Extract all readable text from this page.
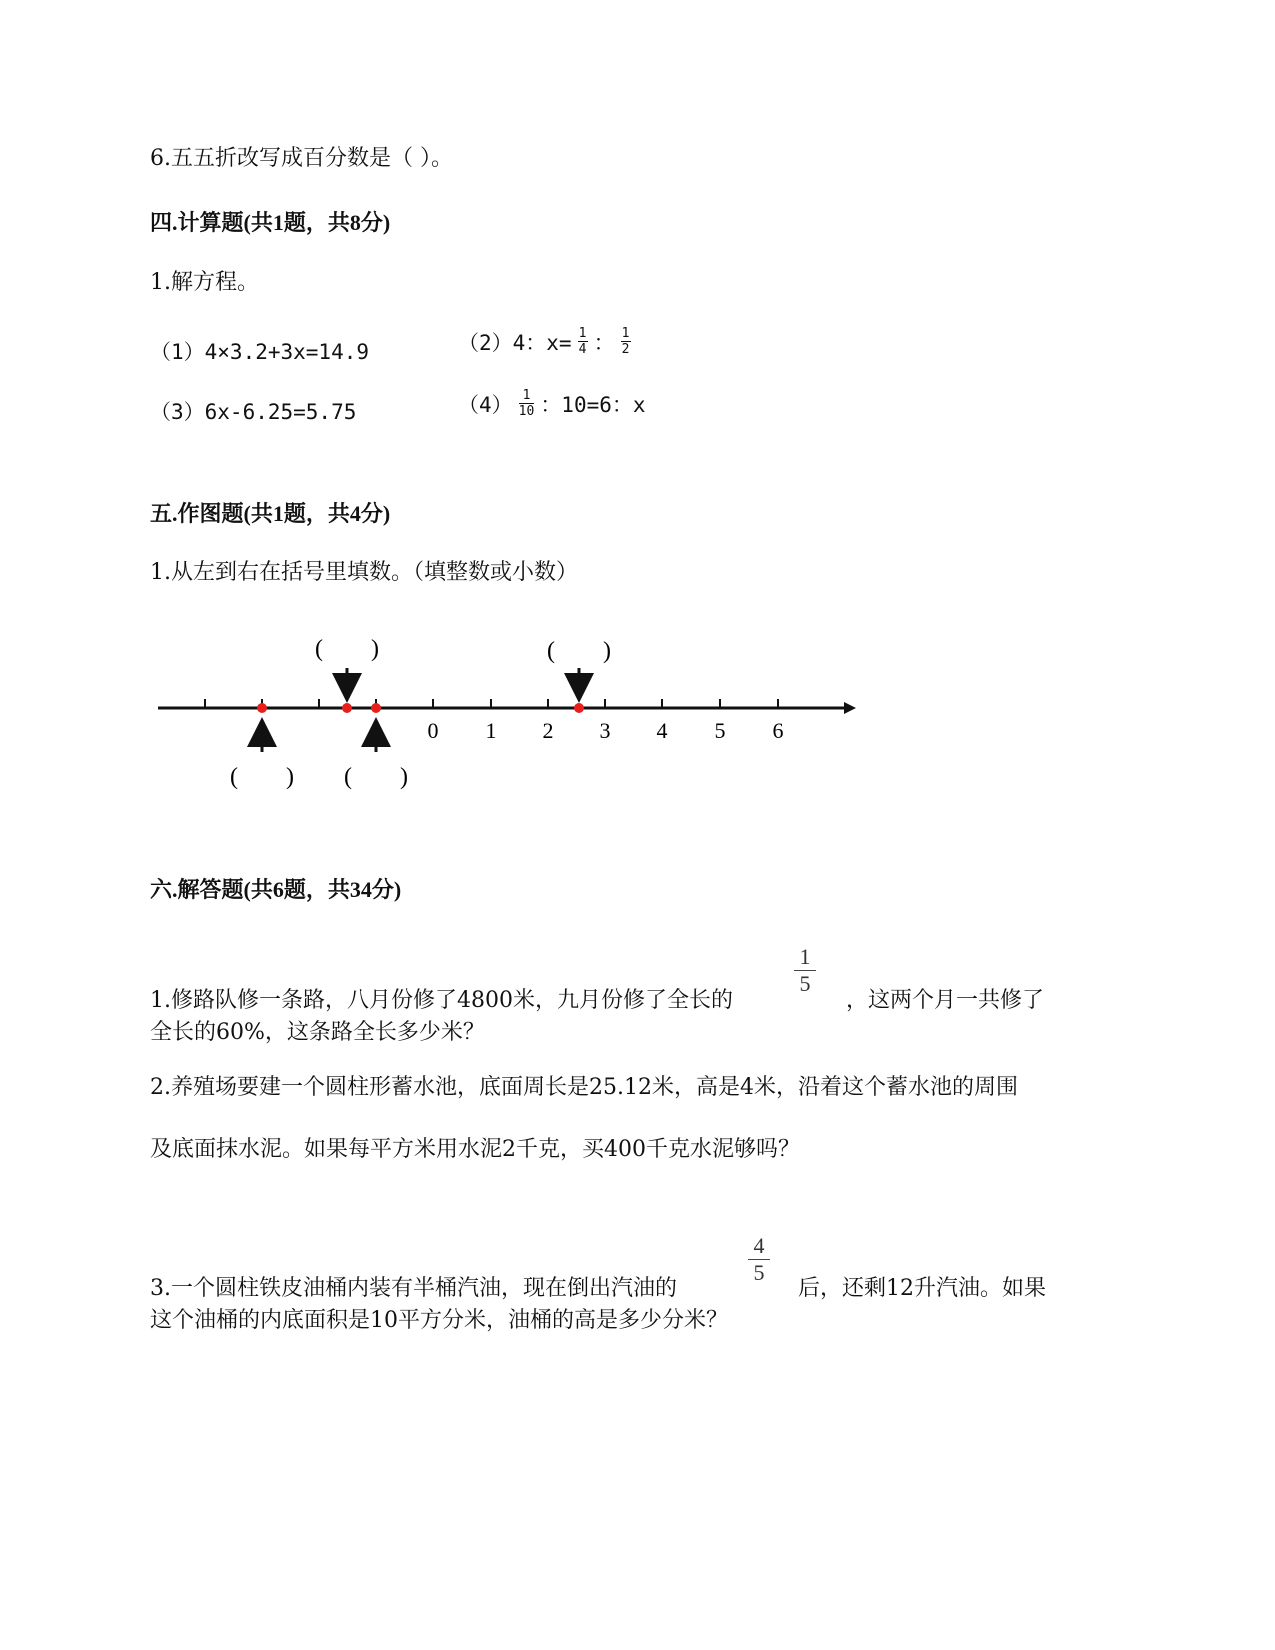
6.五五折改写成百分数是（ ）。
四.计算题(共1题，共8分)
1.解方程。
（1）4×3.2+3x=14.9	（2）4：$x= \frac{1}{4}$ ： $\frac{1}{2}$
（3）6x-6.25=5.75	$(4) \frac{1}{10}$ ：10=6：x
五.作图题(共1题，共4分)
1.从左到右在括号里填数。（填整数或小数）
0 1 2 3 4 5 6
(        )	(        )
(        ) (        )
六.解答题(共6题，共34分)
1.修路队修一条路，八月份修了4800米，九月份修了全长的
1
5
，这两个月一共修了
全长的60%，这条路全长多少米？
2.养殖场要建一个圆柱形蓄水池，底面周长是25.12米，高是4米，沿着这个蓄水池的周围
及底面抹水泥。如果每平方米用水泥2千克，买400千克水泥够吗？
3.一个圆柱铁皮油桶内装有半桶汽油，现在倒出汽油的
4
5
后，还剩12升汽油。如果
这个油桶的内底面积是10平方分米，油桶的高是多少分米？
